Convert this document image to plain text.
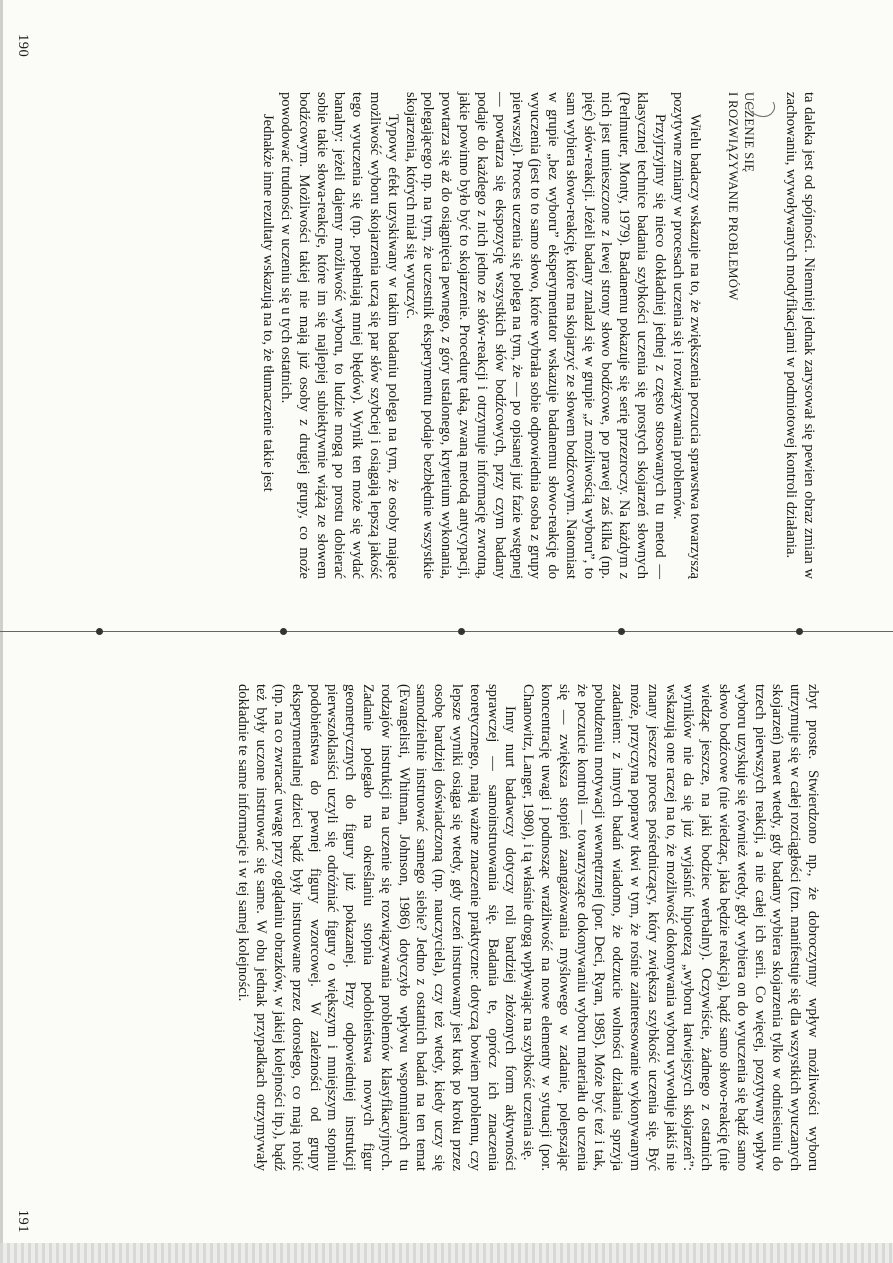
ta daleka jest od spójności. Niemniej jednak zarysował się pewien obraz zmian w zachowaniu, wywoływanych modyfikacjami w podmiotowej kontroli działania.

UCZENIE SIĘ
I ROZWIĄZYWANIE PROBLEMÓW

Wielu badaczy wskazuje na to, że zwiększenia poczucia sprawstwa towarzyszą pozytywne zmiany w procesach uczenia się i rozwiązywania problemów.

Przyjrzyjmy się nieco dokładniej jednej z często stosowanych tu metod — klasycznej technice badania szybkości uczenia się prostych skojarzeń słownych (Perlmuter, Monty, 1979). Badanemu pokazuje się serię przezroczy. Na każdym z nich jest umieszczone z lewej strony słowo bodźcowe, po prawej zaś kilka (np. pięć) słów-reakcji. Jeżeli badany znalazł się w grupie „z możliwością wyboru”, to sam wybiera słowo-reakcję, które ma skojarzyć ze słowem bodźcowym. Natomiast w grupie „bez wyboru” eksperymentator wskazuje badanemu słowo-reakcję do wyuczenia (jest to to samo słowo, które wybrała sobie odpowiednia osoba z grupy pierwszej). Proces uczenia się polega na tym, że — po opisanej już fazie wstępnej — powtarza się ekspozycję wszystkich słów bodźcowych, przy czym badany podaje do każdego z nich jedno ze słów-reakcji i otrzymuje informację zwrotną, jakie powinno było być to skojarzenie. Procedurę taką, zwaną metodą antycypacji, powtarza się aż do osiągnięcia pewnego, z góry ustalonego, kryterium wykonania, polegającego np. na tym, że uczestnik eksperymentu podaje bezbłędnie wszystkie skojarzenia, których miał się wyuczyć.

Typowy efekt uzyskiwany w takim badaniu polega na tym, że osoby mające możliwość wyboru skojarzenia uczą się par słów szybciej i osiągają lepszą jakość tego wyuczenia się (np. popełniają mniej błędów). Wynik ten może się wydać banalny: jeżeli dajemy możliwość wyboru, to ludzie mogą po prostu dobierać sobie takie słowa-reakcje, które im się najlepiej subiektywnie wiążą ze słowem bodźcowym. Możliwości takiej nie mają już osoby z drugiej grupy, co może powodować trudności w uczeniu się u tych ostatnich.

Jednakże inne rezultaty wskazują na to, że tłumaczenie takie jest

190

zbyt proste. Stwierdzono np., że dobroczynny wpływ możliwości wyboru utrzymuje się w całej rozciągłości (tzn. manifestuje się dla wszystkich wyuczanych skojarzeń) nawet wtedy, gdy badany wybiera skojarzenia tylko w odniesieniu do trzech pierwszych reakcji, a nie całej ich serii. Co więcej, pozytywny wpływ wyboru uzyskuje się również wtedy, gdy wybiera on do wyuczenia się bądź samo słowo bodźcowe (nie wiedząc, jaka będzie reakcja), bądź samo słowo-reakcję (nie wiedząc jeszcze, na jaki bodziec werbalny). Oczywiście, żadnego z ostatnich wyników nie da się już wyjaśnić hipotezą „wyboru łatwiejszych skojarzeń”: wskazują one raczej na to, że możliwość dokonywania wyboru wywołuje jakiś nie znany jeszcze proces pośredniczący, który zwiększa szybkość uczenia się. Być może, przyczyna poprawy tkwi w tym, że rośnie zainteresowanie wykonywanym zadaniem: z innych badań wiadomo, że odczucie wolności działania sprzyja pobudzeniu motywacji wewnętrznej (por. Deci, Ryan, 1985). Może być też i tak, że poczucie kontroli — towarzyszące dokonywaniu wyboru materiału do uczenia się — zwiększa stopień zaangażowania myślowego w zadanie, polepszając koncentrację uwagi i podnosząc wrażliwość na nowe elementy w sytuacji (por. Chanowitz, Langer, 1980), i tą właśnie drogą wpływając na szybkość uczenia się.

Inny nurt badawczy dotyczy roli bardziej złożonych form aktywności sprawczej — samoinstruowania się. Badania te, oprócz ich znaczenia teoretycznego, mają ważne znaczenie praktyczne: dotyczą bowiem problemu, czy lepsze wyniki osiąga się wtedy, gdy uczeń instruowany jest krok po kroku przez osobę bardziej doświadczoną (np. nauczyciela), czy też wtedy, kiedy uczy się samodzielnie instruować samego siebie? Jedno z ostatnich badań na ten temat (Evangelisti, Whitman, Johnson, 1986) dotyczyło wpływu wspomnianych tu rodzajów instrukcji na uczenie się rozwiązywania problemów klasyfikacyjnych. Zadanie polegało na określaniu stopnia podobieństwa nowych figur geometrycznych do figury już pokazanej. Przy odpowiedniej instrukcji pierwszoklasiści uczyli się odróżniać figury o większym i mniejszym stopniu podobieństwa do pewnej figury wzorcowej. W zależności od grupy eksperymentalnej dzieci bądź były instruowane przez dorosłego, co mają robić (np. na co zwracać uwagę przy oglądaniu obrazków, w jakiej kolejności itp.), bądź też były uczone instruować się same. W obu jednak przypadkach otrzymywały dokładnie te same informacje i w tej samej kolejności.

191
